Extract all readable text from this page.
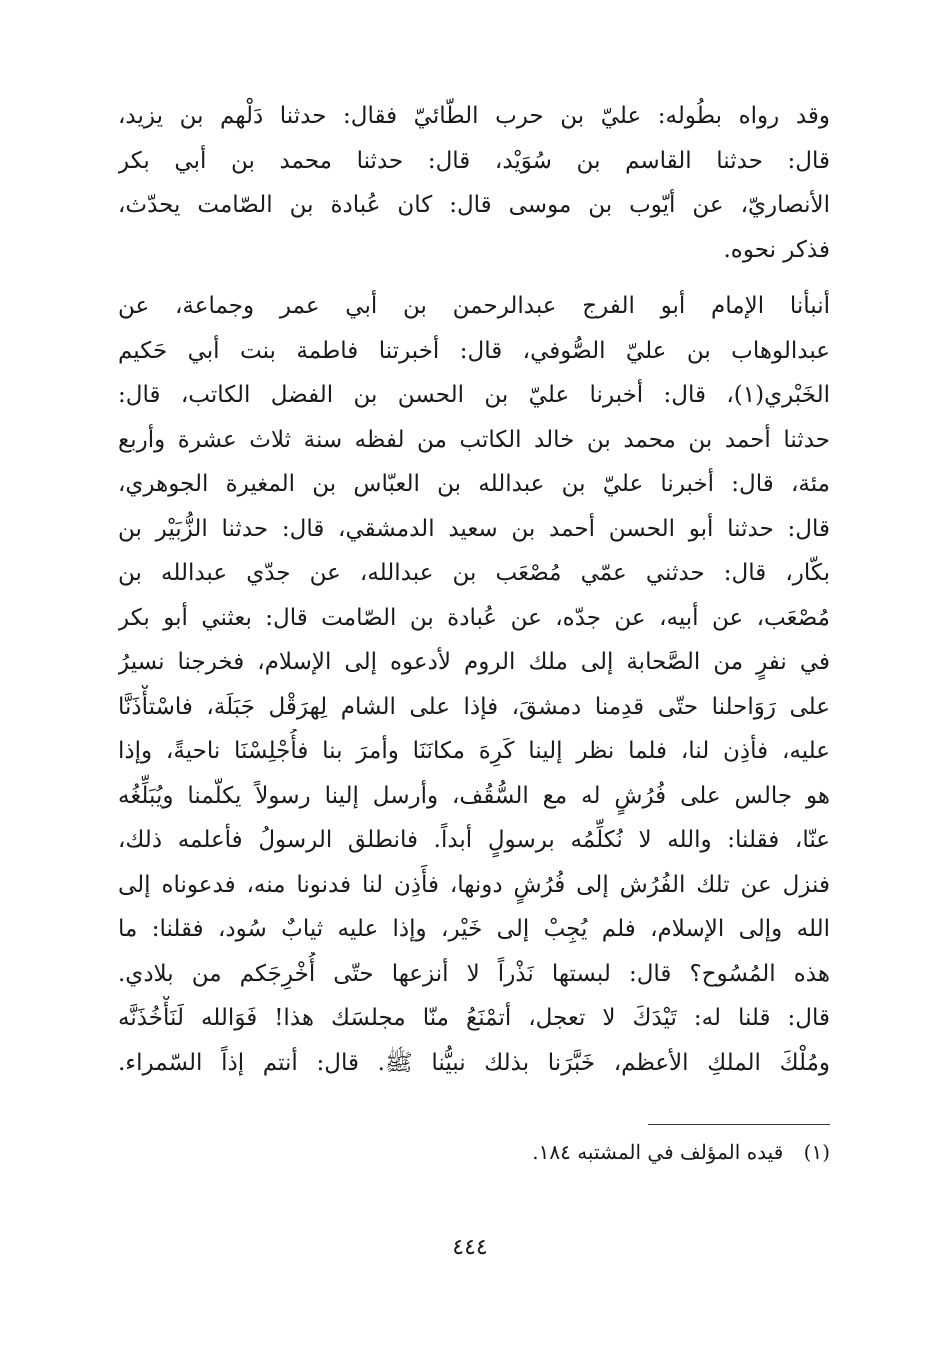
وقد رواه بطُوله: عليّ بن حرب الطّائيّ فقال: حدثنا دَلْهم بن يزيد،
قال: حدثنا القاسم بن سُوَيْد، قال: حدثنا محمد بن أبي بكر
الأنصاريّ، عن أيّوب بن موسى قال: كان عُبادة بن الصّامت يحدّث،
فذكر نحوه.
أنبأنا الإمام أبو الفرج عبدالرحمن بن أبي عمر وجماعة، عن
عبدالوهاب بن عليّ الصُّوفي، قال: أخبرتنا فاطمة بنت أبي حَكيم
الخَبْري(١)، قال: أخبرنا عليّ بن الحسن بن الفضل الكاتب، قال:
حدثنا أحمد بن محمد بن خالد الكاتب من لفظه سنة ثلاث عشرة وأربع
مئة، قال: أخبرنا عليّ بن عبدالله بن العبّاس بن المغيرة الجوهري،
قال: حدثنا أبو الحسن أحمد بن سعيد الدمشقي، قال: حدثنا الزُّبَيْر بن
بكّار، قال: حدثني عمّي مُصْعَب بن عبدالله، عن جدّي عبدالله بن
مُصْعَب، عن أبيه، عن جدّه، عن عُبادة بن الصّامت قال: بعثني أبو بكر
في نفرٍ من الصَّحابة إلى ملك الروم لأدعوه إلى الإسلام، فخرجنا نسيرُ
على رَوَاحلنا حتّى قدِمنا دمشقَ، فإذا على الشام لِهرَقْل جَبَلَة، فاسْتأْذَنَّا
عليه، فأذِن لنا، فلما نظر إلينا كَرِهَ مكانَنَا وأمرَ بنا فأُجْلِسْنَا ناحيةً، وإذا
هو جالس على فُرُشٍ له مع السُّقُف، وأرسل إلينا رسولاً يكلّمنا ويُبَلِّغُه
عنّا، فقلنا: والله لا نُكلِّمُه برسولٍ أبداً. فانطلق الرسولُ فأعلمه ذلك،
فنزل عن تلك الفُرُش إلى فُرُشٍ دونها، فأَذِن لنا فدنونا منه، فدعوناه إلى
الله وإلى الإسلام، فلم يُجِبْ إلى خَيْر، وإذا عليه ثيابٌ سُود، فقلنا: ما
هذه المُسُوح؟ قال: لبستها نَذْراً لا أنزعها حتّى أُخْرِجَكم من بلادي.
قال: قلنا له: تَيْدَكَ لا تعجل، أتمْنَعُ منّا مجلسَك هذا! فَوَالله لَنَأْخُذَنَّه
ومُلْكَ الملكِ الأعظم، خَبَّرَنا بذلك نبيُّنا ﷺ. قال: أنتم إذاً السّمراء.
(١) قيده المؤلف في المشتبه ١٨٤.
٤٤٤
